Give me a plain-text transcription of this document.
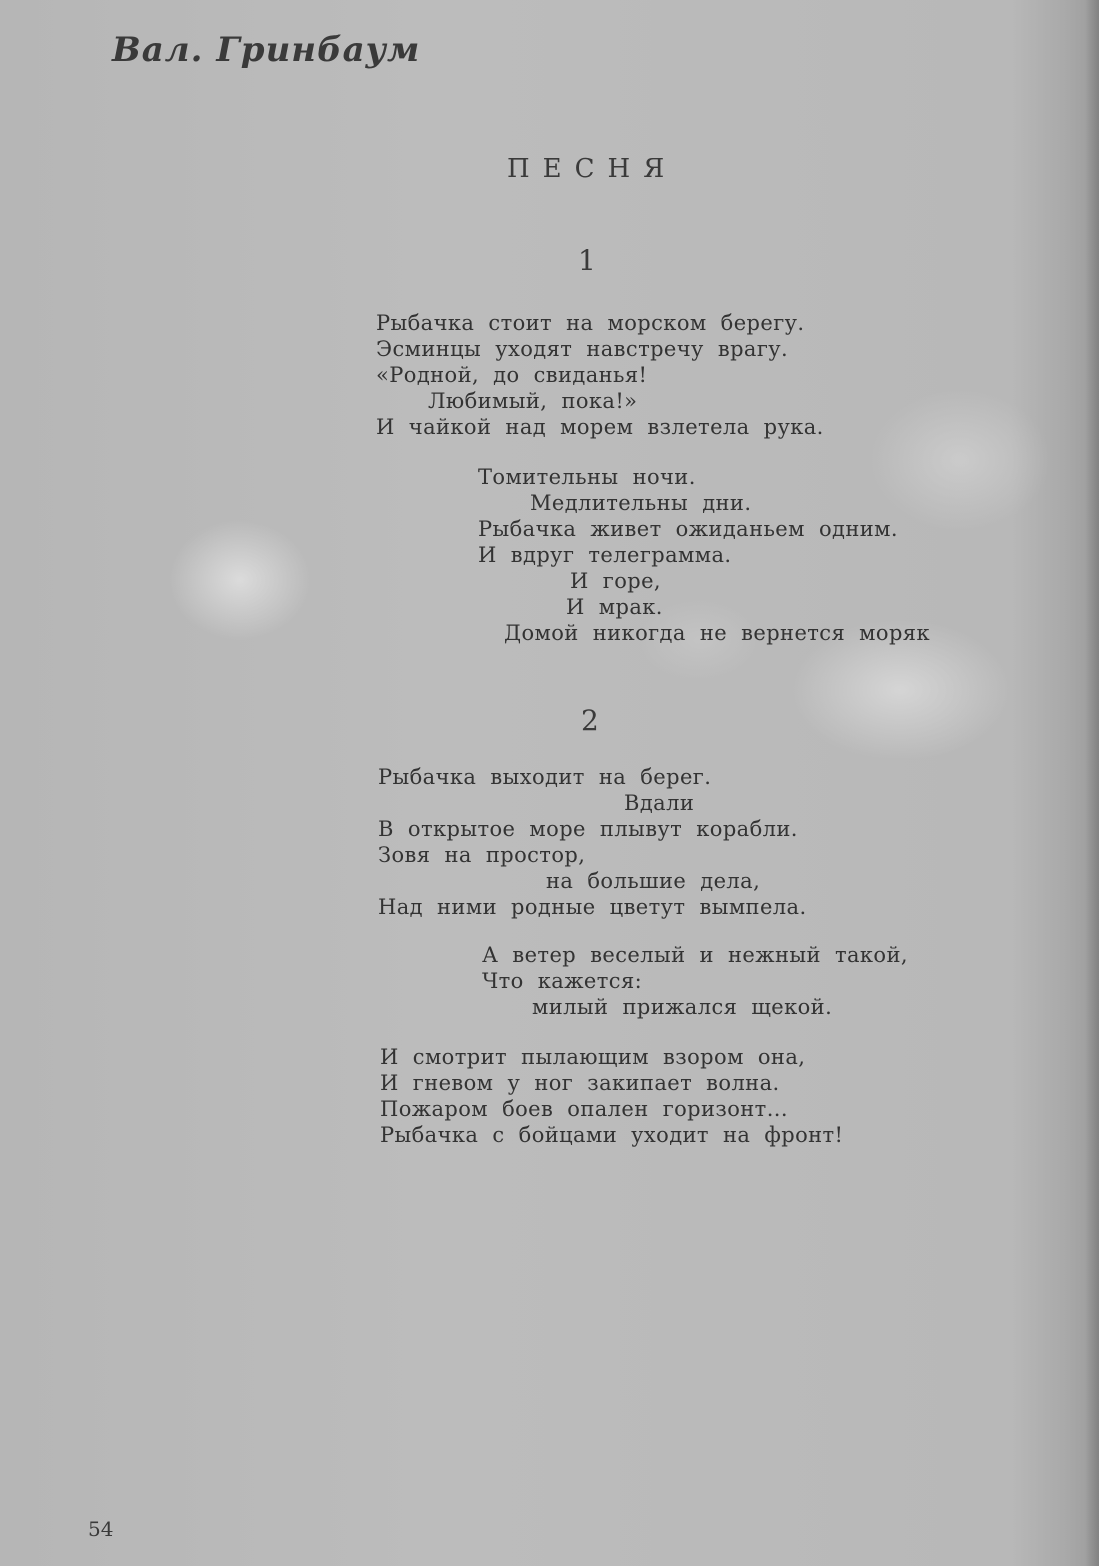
Вал. Гринбаум
ПЕСНЯ
1
Рыбачка стоит на морском берегу.
Эсминцы уходят навстречу врагу.
«Родной, до свиданья!
Любимый, пока!»
И чайкой над морем взлетела рука.
Томительны ночи.
Медлительны дни.
Рыбачка живет ожиданьем одним.
И вдруг телеграмма.
И горе,
И мрак.
Домой никогда не вернется моряк
2
Рыбачка выходит на берег.
Вдали
В открытое море плывут корабли.
Зовя на простор,
на большие дела,
Над ними родные цветут вымпела.
А ветер веселый и нежный такой,
Что кажется:
милый прижался щекой.
И смотрит пылающим взором она,
И гневом у ног закипает волна.
Пожаром боев опален горизонт...
Рыбачка с бойцами уходит на фронт!
54
